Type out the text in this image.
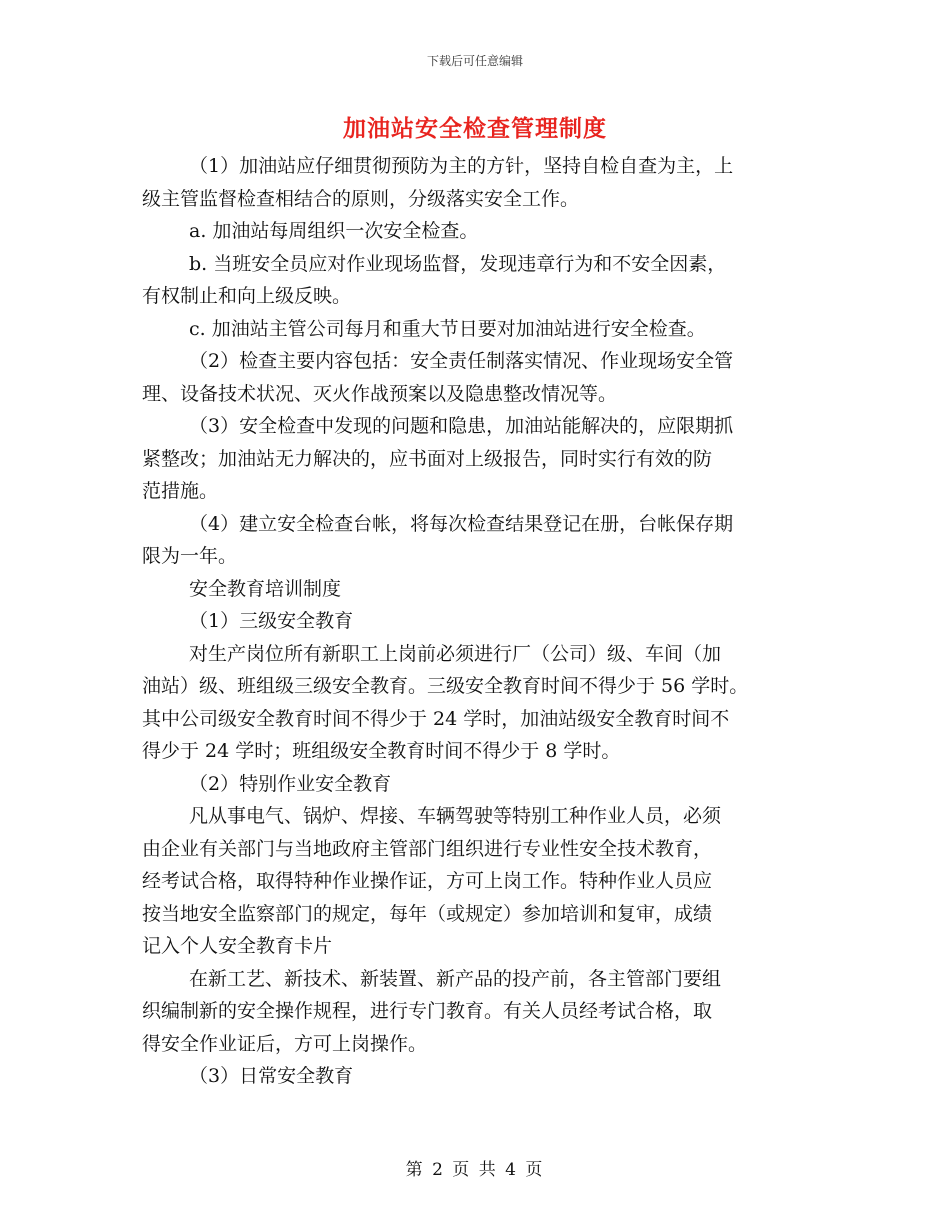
下载后可任意编辑
加油站安全检查管理制度

（1）加油站应仔细贯彻预防为主的方针，坚持自检自查为主，上

级主管监督检查相结合的原则，分级落实安全工作。

a. 加油站每周组织一次安全检查。

b. 当班安全员应对作业现场监督，发现违章行为和不安全因素，

有权制止和向上级反映。

c. 加油站主管公司每月和重大节日要对加油站进行安全检查。

（2）检查主要内容包括：安全责任制落实情况、作业现场安全管

理、设备技术状况、灭火作战预案以及隐患整改情况等。

（3）安全检查中发现的问题和隐患，加油站能解决的，应限期抓

紧整改；加油站无力解决的，应书面对上级报告，同时实行有效的防

范措施。

（4）建立安全检查台帐，将每次检查结果登记在册，台帐保存期

限为一年。

安全教育培训制度

（1）三级安全教育

对生产岗位所有新职工上岗前必须进行厂（公司）级、车间（加

油站）级、班组级三级安全教育。三级安全教育时间不得少于 56 学时。

其中公司级安全教育时间不得少于 24 学时，加油站级安全教育时间不

得少于 24 学时；班组级安全教育时间不得少于 8 学时。

（2）特别作业安全教育

凡从事电气、锅炉、焊接、车辆驾驶等特别工种作业人员，必须

由企业有关部门与当地政府主管部门组织进行专业性安全技术教育，

经考试合格，取得特种作业操作证，方可上岗工作。特种作业人员应

按当地安全监察部门的规定，每年（或规定）参加培训和复审，成绩

记入个人安全教育卡片

在新工艺、新技术、新装置、新产品的投产前，各主管部门要组

织编制新的安全操作规程，进行专门教育。有关人员经考试合格，取

得安全作业证后，方可上岗操作。

（3）日常安全教育

第 2 页 共 4 页
